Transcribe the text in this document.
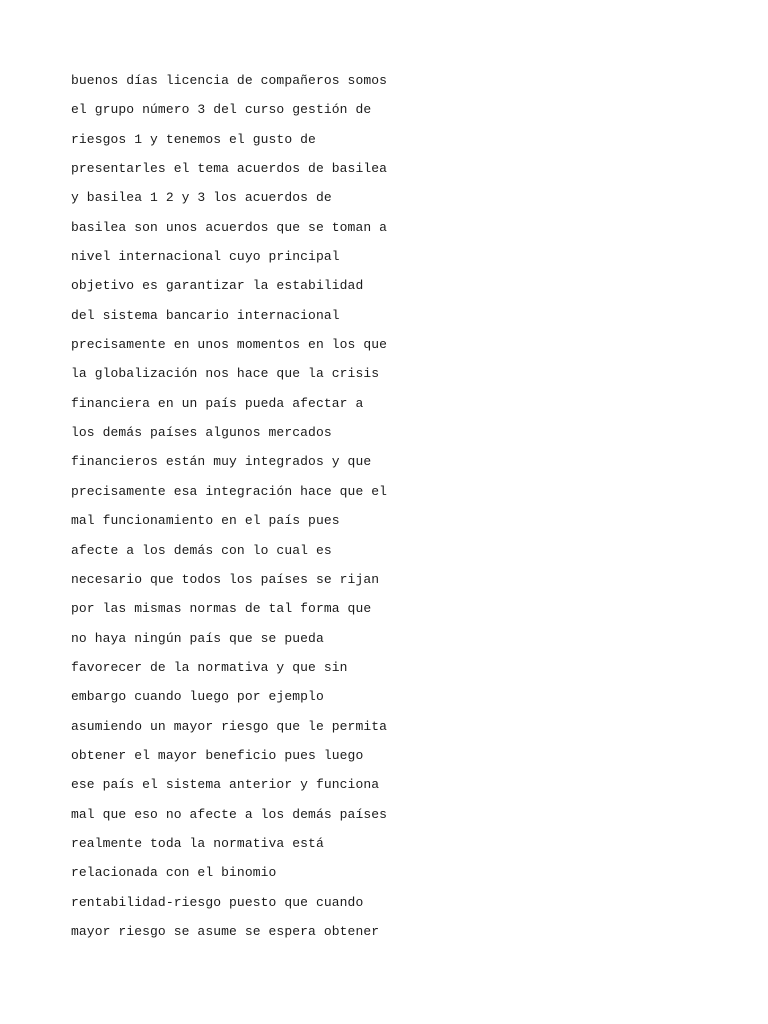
buenos días licencia de compañeros somos
el grupo número 3 del curso gestión de
riesgos 1 y tenemos el gusto de
presentarles el tema acuerdos de basilea
y basilea 1 2 y 3 los acuerdos de
basilea son unos acuerdos que se toman a
nivel internacional cuyo principal
objetivo es garantizar la estabilidad
del sistema bancario internacional
precisamente en unos momentos en los que
la globalización nos hace que la crisis
financiera en un país pueda afectar a
los demás países algunos mercados
financieros están muy integrados y que
precisamente esa integración hace que el
mal funcionamiento en el país pues
afecte a los demás con lo cual es
necesario que todos los países se rijan
por las mismas normas de tal forma que
no haya ningún país que se pueda
favorecer de la normativa y que sin
embargo cuando luego por ejemplo
asumiendo un mayor riesgo que le permita
obtener el mayor beneficio pues luego
ese país el sistema anterior y funciona
mal que eso no afecte a los demás países
realmente toda la normativa está
relacionada con el binomio
rentabilidad-riesgo puesto que cuando
mayor riesgo se asume se espera obtener
